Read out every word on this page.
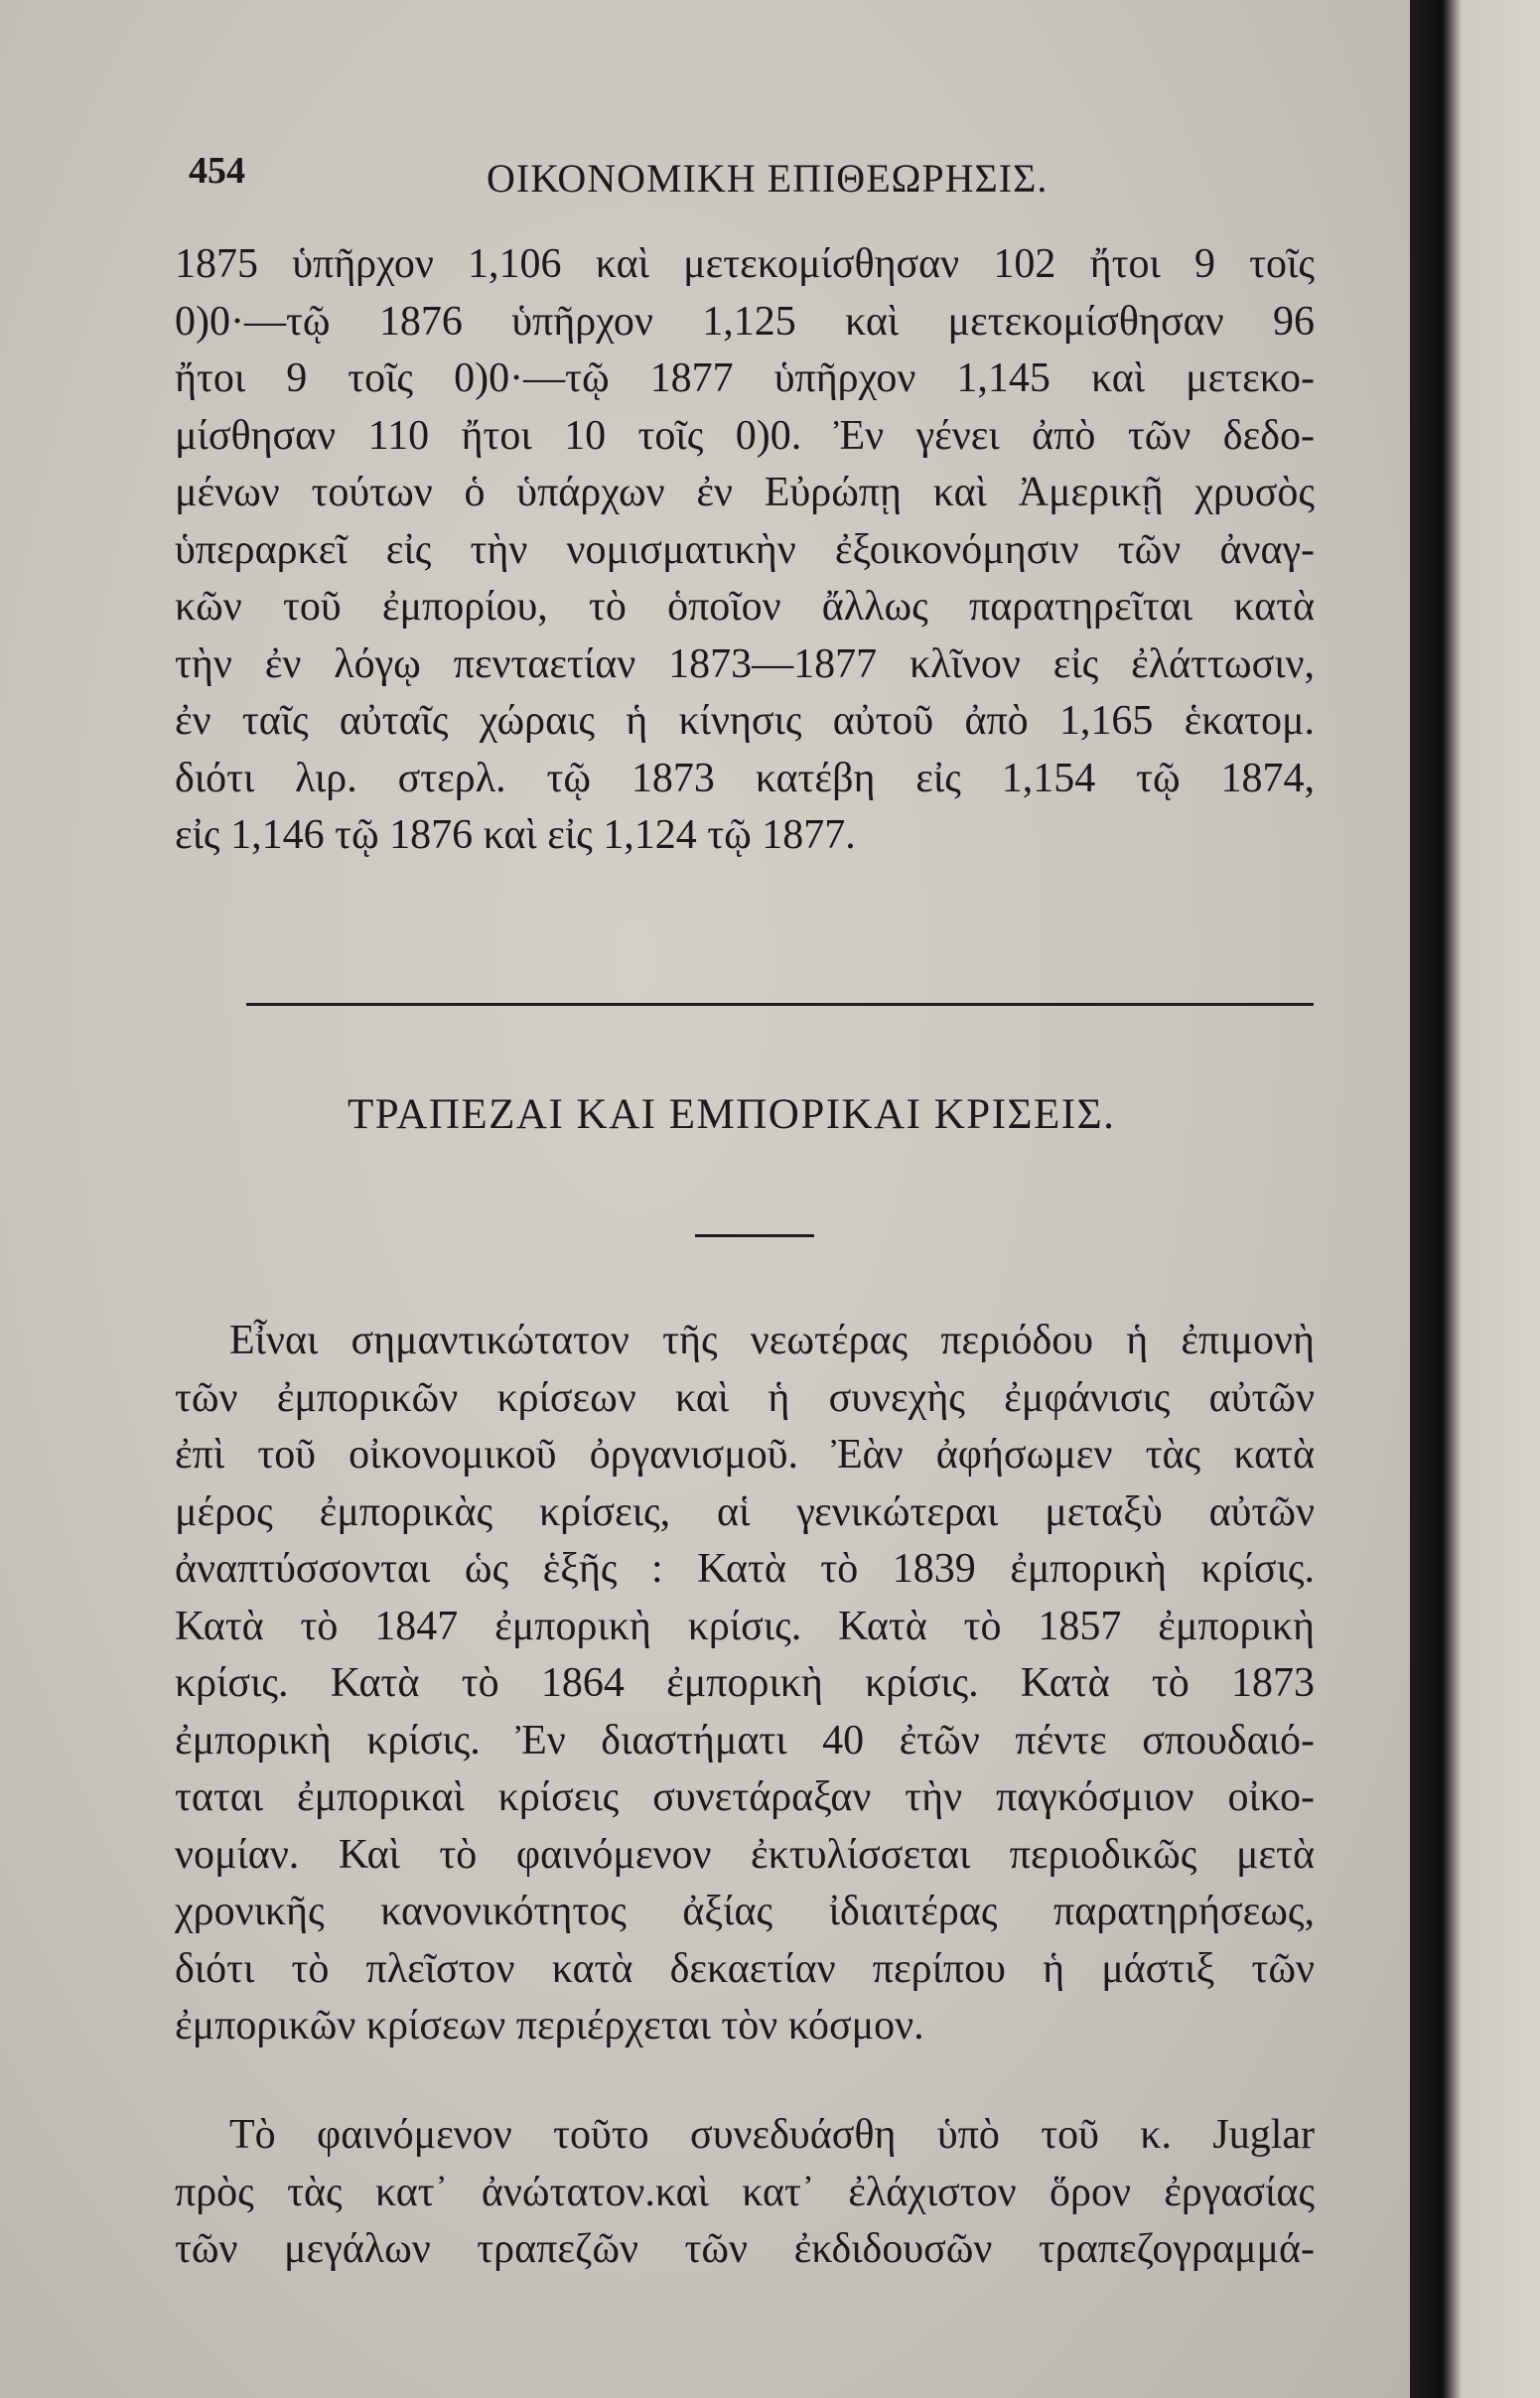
454	ΟΙΚΟΝΟΜΙΚΗ ΕΠΙΘΕΩΡΗΣΙΣ.
1875 ὑπῆρχον 1,106 καὶ μετεκομίσθησαν 102 ἤτοι 9 τοῖς
0)0·—τῷ 1876 ὑπῆρχον 1,125 καὶ μετεκομίσθησαν 96
ἤτοι 9 τοῖς 0)0·—τῷ 1877 ὑπῆρχον 1,145 καὶ μετεκο-
μίσθησαν 110 ἤτοι 10 τοῖς 0)0. Ἐν γένει ἀπὸ τῶν δεδο-
μένων τούτων ὁ ὑπάρχων ἐν Εὐρώπῃ καὶ Ἀμερικῇ χρυσὸς
ὑπεραρκεῖ εἰς τὴν νομισματικὴν ἐξοικονόμησιν τῶν ἀναγ-
κῶν τοῦ ἐμπορίου, τὸ ὁποῖον ἄλλως παρατηρεῖται κατὰ
τὴν ἐν λόγῳ πενταετίαν 1873—1877 κλῖνον εἰς ἐλάττωσιν,
ἐν ταῖς αὐταῖς χώραις ἡ κίνησις αὐτοῦ ἀπὸ 1,165 ἑκατομ.
διότι λιρ. στερλ. τῷ 1873 κατέβη εἰς 1,154 τῷ 1874,
εἰς 1,146 τῷ 1876 καὶ εἰς 1,124 τῷ 1877.
ΤΡΑΠΕΖΑΙ ΚΑΙ ΕΜΠΟΡΙΚΑΙ ΚΡΙΣΕΙΣ.
Εἶναι σημαντικώτατον τῆς νεωτέρας περιόδου ἡ ἐπιμονὴ
τῶν ἐμπορικῶν κρίσεων καὶ ἡ συνεχὴς ἐμφάνισις αὐτῶν
ἐπὶ τοῦ οἰκονομικοῦ ὀργανισμοῦ. Ἐὰν ἀφήσωμεν τὰς κατὰ
μέρος ἐμπορικὰς κρίσεις, αἱ γενικώτεραι μεταξὺ αὐτῶν
ἀναπτύσσονται ὡς ἑξῆς : Κατὰ τὸ 1839 ἐμπορικὴ κρίσις.
Κατὰ τὸ 1847 ἐμπορικὴ κρίσις. Κατὰ τὸ 1857 ἐμπορικὴ
κρίσις. Κατὰ τὸ 1864 ἐμπορικὴ κρίσις. Κατὰ τὸ 1873
ἐμπορικὴ κρίσις. Ἐν διαστήματι 40 ἐτῶν πέντε σπουδαιό-
ταται ἐμπορικαὶ κρίσεις συνετάραξαν τὴν παγκόσμιον οἰκο-
νομίαν. Καὶ τὸ φαινόμενον ἐκτυλίσσεται περιοδικῶς μετὰ
χρονικῆς κανονικότητος ἀξίας ἰδιαιτέρας παρατηρήσεως,
διότι τὸ πλεῖστον κατὰ δεκαετίαν περίπου ἡ μάστιξ τῶν
ἐμπορικῶν κρίσεων περιέρχεται τὸν κόσμον.
Τὸ φαινόμενον τοῦτο συνεδυάσθη ὑπὸ τοῦ κ. Juglar
πρὸς τὰς κατ᾽ ἀνώτατον.καὶ κατ᾽ ἐλάχιστον ὅρον ἐργασίας
τῶν μεγάλων τραπεζῶν τῶν ἐκδιδουσῶν τραπεζογραμμά-
